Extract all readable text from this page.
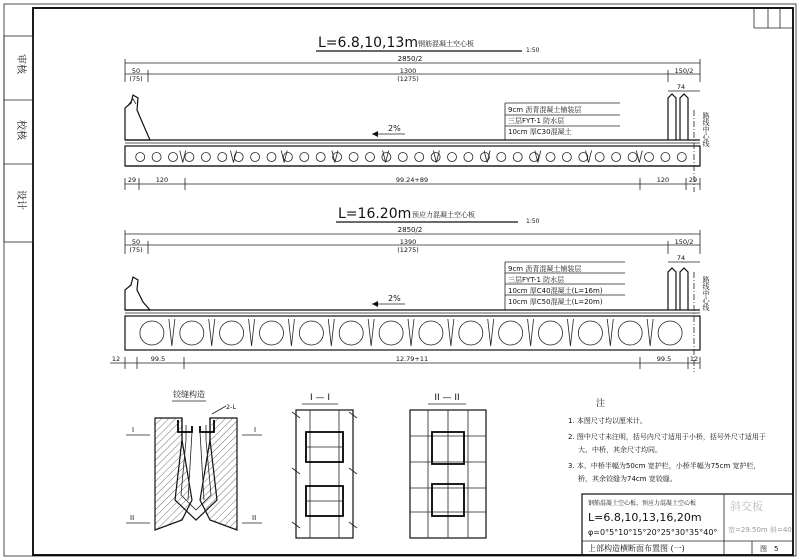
审核
校核
设计
L=6.8,10,13m 钢筋混凝土空心板
1:50
2850/2
50
(75)
1300
(1275)
150/2
74
2%
9cm 沥青混凝土铺装层
三层FYT-1 防水层
10cm 厚C30混凝土	路线中心线
29	120	99.24+89	120	29
L=16.20m 预应力混凝土空心板
1:50
2850/2
50
(75)
1390
(1275)
150/2
74
2%
9cm 沥青混凝土铺装层
三层FYT-1 防水层
10cm 厚C40混凝土(L=16m)
10cm 厚C50混凝土(L=20m)	路线中心线
12	99.5	12.79+11	99.5	12
铰缝构造
2-L
I	I
II	II
I — I	II — II
注
1. 本图尺寸均以厘米计。
2. 图中尺寸未注明，括号内尺寸适用于小桥，括号外尺寸适用于
大、中桥，其余尺寸均同。
3. 本、中桥半幅为50cm 宽护栏，小桥半幅为75cm 宽护栏，
桥，其余铰缝为74cm 宽铰缝。
钢筋混凝土空心板、预应力混凝土空心板
L=6.8,10,13,16,20m
φ=0°5°10°15°20°25°30°35°40°
上部构造横断面布置图 (一)
斜交板
宽=29.50m 斜=40
图 5
